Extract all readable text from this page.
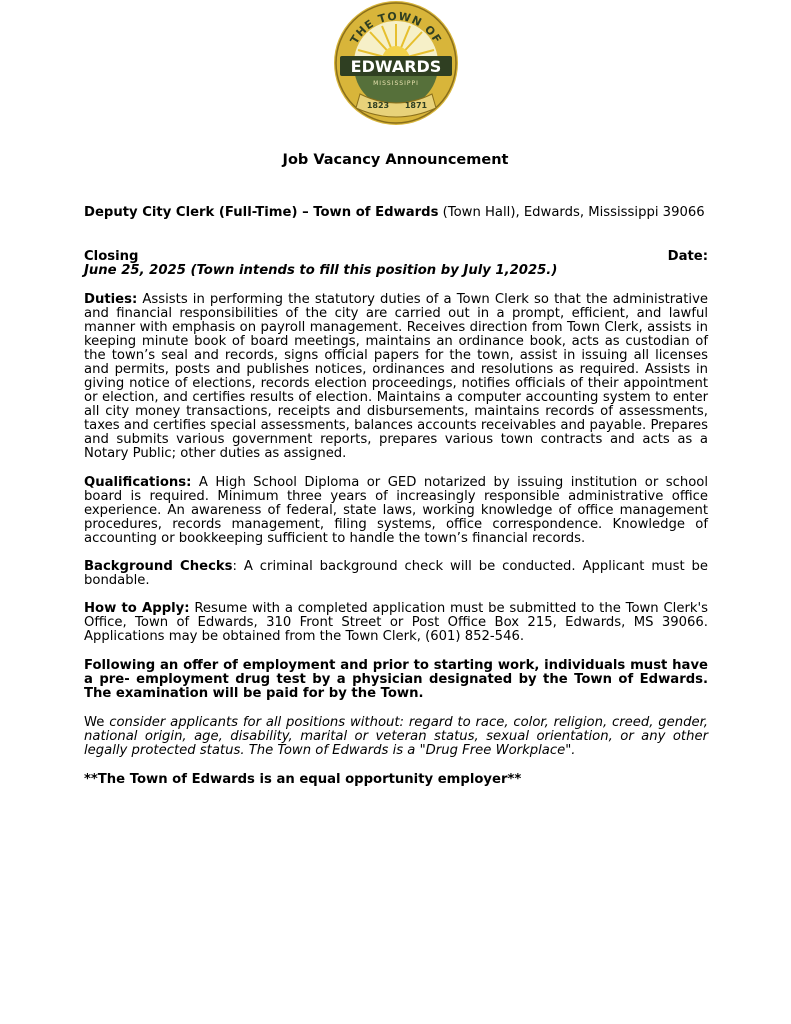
THE TOWN OF
EDWARDS
MISSISSIPPI
1823 1871
Job Vacancy Announcement
Deputy City Clerk (Full-Time) – Town of Edwards (Town Hall), Edwards, Mississippi 39066
Closing	Date:
June 25, 2025 (Town intends to fill this position by July 1,2025.)
Duties: Assists in performing the statutory duties of a Town Clerk so that the administrative and financial responsibilities of the city are carried out in a prompt, efficient, and lawful manner with emphasis on payroll management. Receives direction from Town Clerk, assists in keeping minute book of board meetings, maintains an ordinance book, acts as custodian of the town’s seal and records, signs official papers for the town, assist in issuing all licenses and permits, posts and publishes notices, ordinances and resolutions as required. Assists in giving notice of elections, records election proceedings, notifies officials of their appointment or election, and certifies results of election. Maintains a computer accounting system to enter all city money transactions, receipts and disbursements, maintains records of assessments, taxes and certifies special assessments, balances accounts receivables and payable. Prepares and submits various government reports, prepares various town contracts and acts as a Notary Public; other duties as assigned.
Qualifications: A High School Diploma or GED notarized by issuing institution or school board is required. Minimum three years of increasingly responsible administrative office experience. An awareness of federal, state laws, working knowledge of office management procedures, records management, filing systems, office correspondence. Knowledge of accounting or bookkeeping sufficient to handle the town’s financial records.
Background Checks: A criminal background check will be conducted. Applicant must be bondable.
How to Apply: Resume with a completed application must be submitted to the Town Clerk's Office, Town of Edwards, 310 Front Street or Post Office Box 215, Edwards, MS 39066. Applications may be obtained from the Town Clerk, (601) 852-546.
Following an offer of employment and prior to starting work, individuals must have a pre- employment drug test by a physician designated by the Town of Edwards. The examination will be paid for by the Town.
We consider applicants for all positions without: regard to race, color, religion, creed, gender, national origin, age, disability, marital or veteran status, sexual orientation, or any other legally protected status. The Town of Edwards is a "Drug Free Workplace".
**The Town of Edwards is an equal opportunity employer**
